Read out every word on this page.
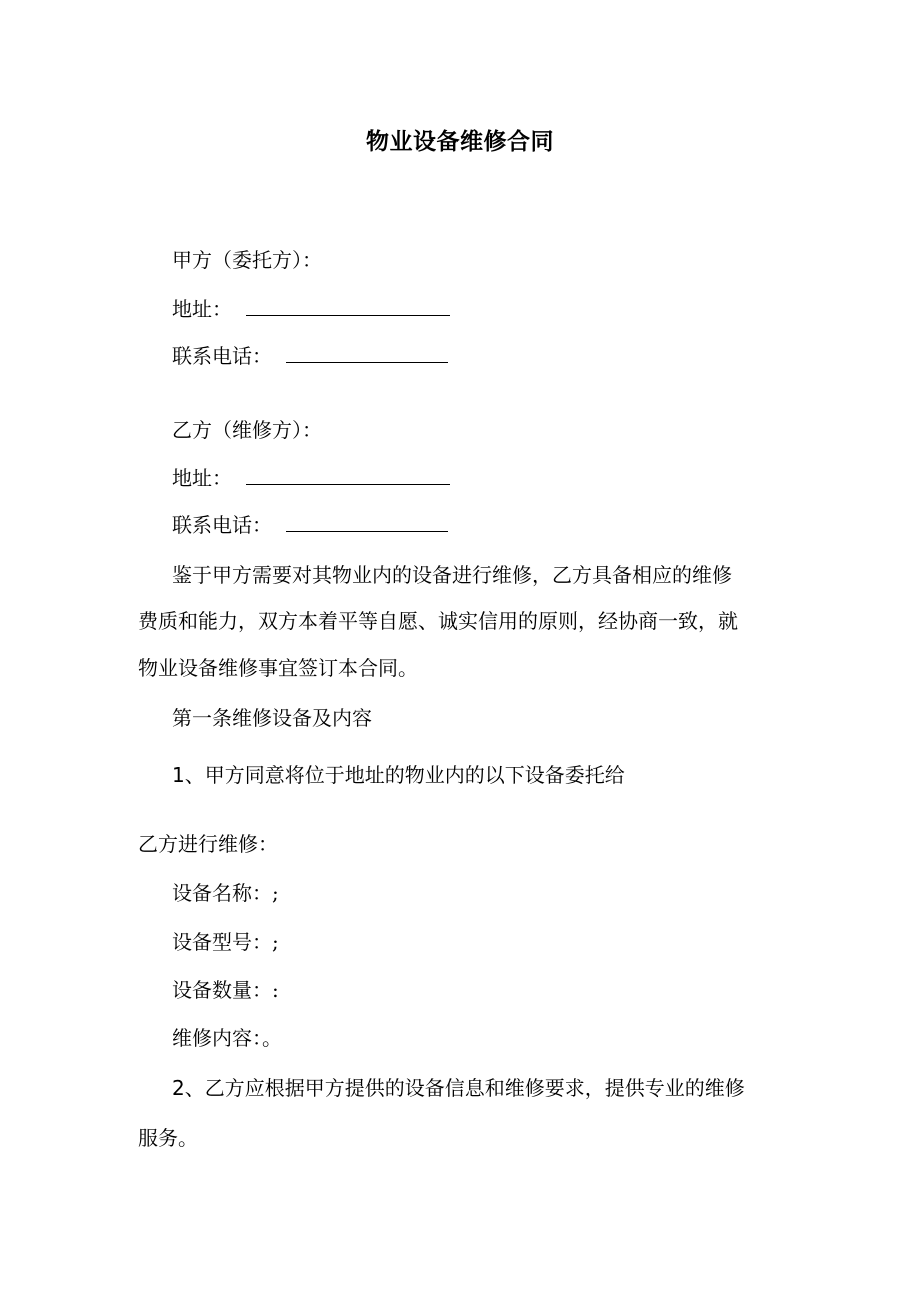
物业设备维修合同

甲方（委托方）：

地址：

联系电话：

乙方（维修方）：

地址：

联系电话：

鉴于甲方需要对其物业内的设备进行维修，乙方具备相应的维修

费质和能力，双方本着平等自愿、诚实信用的原则，经协商一致，就

物业设备维修事宜签订本合同。

第一条维修设备及内容

1、甲方同意将位于地址的物业内的以下设备委托给

乙方进行维修：

设备名称：;

设备型号：;

设备数量：:

维修内容：。

2、乙方应根据甲方提供的设备信息和维修要求，提供专业的维修

服务。
